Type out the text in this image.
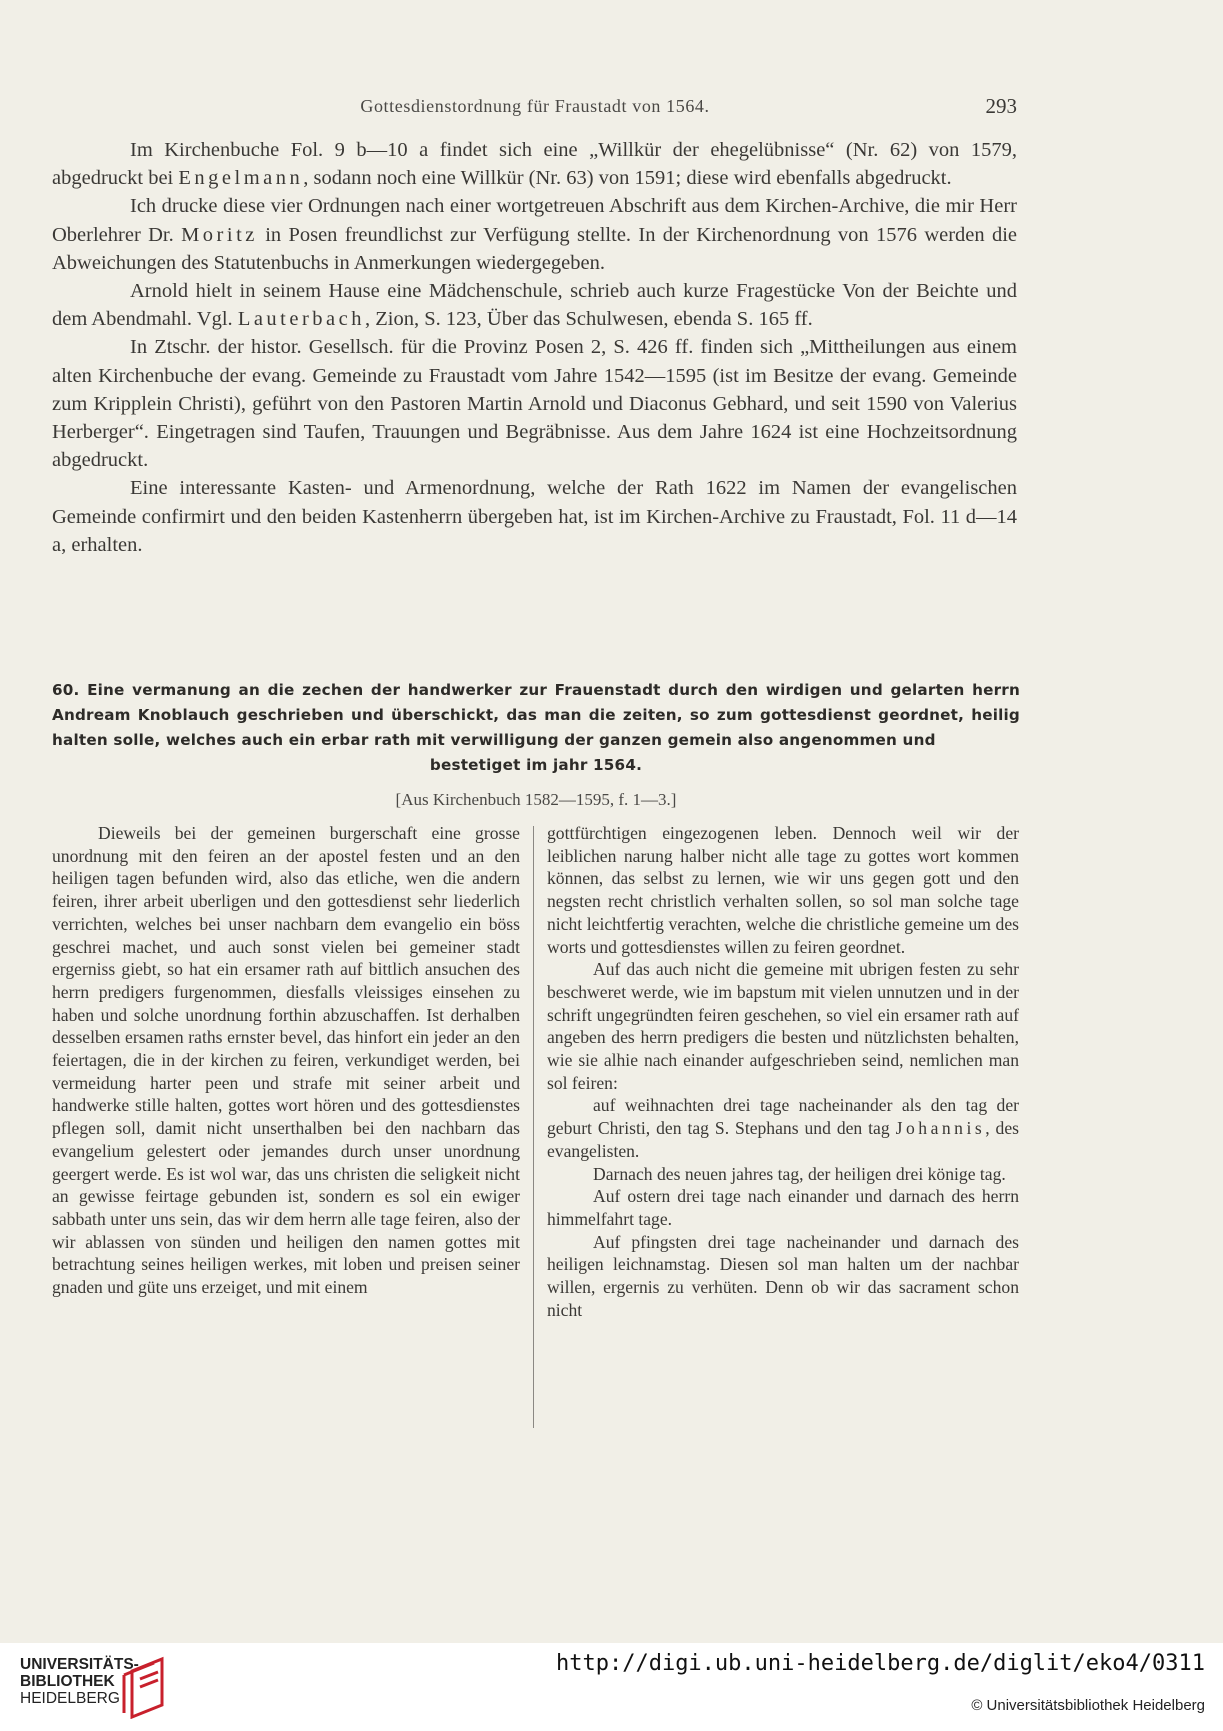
Gottesdienstordnung für Fraustadt von 1564.	293

Im Kirchenbuche Fol. 9 b—10 a findet sich eine „Willkür der ehegelübnisse“ (Nr. 62) von 1579, abgedruckt bei Engelmann, sodann noch eine Willkür (Nr. 63) von 1591; diese wird ebenfalls abgedruckt.

Ich drucke diese vier Ordnungen nach einer wortgetreuen Abschrift aus dem Kirchen-Archive, die mir Herr Oberlehrer Dr. Moritz in Posen freundlichst zur Verfügung stellte. In der Kirchenordnung von 1576 werden die Abweichungen des Statutenbuchs in Anmerkungen wiedergegeben.

Arnold hielt in seinem Hause eine Mädchenschule, schrieb auch kurze Fragestücke Von der Beichte und dem Abendmahl. Vgl. Lauterbach, Zion, S. 123, Über das Schulwesen, ebenda S. 165 ff.

In Ztschr. der histor. Gesellsch. für die Provinz Posen 2, S. 426 ff. finden sich „Mittheilungen aus einem alten Kirchenbuche der evang. Gemeinde zu Fraustadt vom Jahre 1542—1595 (ist im Besitze der evang. Gemeinde zum Kripplein Christi), geführt von den Pastoren Martin Arnold und Diaconus Gebhard, und seit 1590 von Valerius Herberger“. Eingetragen sind Taufen, Trauungen und Begräbnisse. Aus dem Jahre 1624 ist eine Hochzeitsordnung abgedruckt.

Eine interessante Kasten- und Armenordnung, welche der Rath 1622 im Namen der evangelischen Gemeinde confirmirt und den beiden Kastenherrn übergeben hat, ist im Kirchen-Archive zu Fraustadt, Fol. 11 d—14 a, erhalten.

60. Eine vermanung an die zechen der handwerker zur Frauenstadt durch den wirdigen und gelarten herrn Andream Knoblauch geschrieben und überschickt, das man die zeiten, so zum gottesdienst geordnet, heilig halten solle, welches auch ein erbar rath mit verwilligung der ganzen gemein also angenommen und
bestetiget im jahr 1564.
[Aus Kirchenbuch 1582—1595, f. 1—3.]

Dieweils bei der gemeinen burgerschaft eine grosse unordnung mit den feiren an der apostel festen und an den heiligen tagen befunden wird, also das etliche, wen die andern feiren, ihrer arbeit uberligen und den gottesdienst sehr liederlich verrichten, welches bei unser nachbarn dem evangelio ein böss geschrei machet, und auch sonst vielen bei gemeiner stadt ergerniss giebt, so hat ein ersamer rath auf bittlich ansuchen des herrn predigers furgenommen, diesfalls vleissiges einsehen zu haben und solche unordnung forthin abzuschaffen. Ist derhalben desselben ersamen raths ernster bevel, das hinfort ein jeder an den feiertagen, die in der kirchen zu feiren, verkundiget werden, bei vermeidung harter peen und strafe mit seiner arbeit und handwerke stille halten, gottes wort hören und des gottesdienstes pflegen soll, damit nicht unserthalben bei den nachbarn das evangelium gelestert oder jemandes durch unser unordnung geergert werde. Es ist wol war, das uns christen die seligkeit nicht an gewisse feirtage gebunden ist, sondern es sol ein ewiger sabbath unter uns sein, das wir dem herrn alle tage feiren, also der wir ablassen von sünden und heiligen den namen gottes mit betrachtung seines heiligen werkes, mit loben und preisen seiner gnaden und güte uns erzeiget, und mit einem

gottfürchtigen eingezogenen leben. Dennoch weil wir der leiblichen narung halber nicht alle tage zu gottes wort kommen können, das selbst zu lernen, wie wir uns gegen gott und den negsten recht christlich verhalten sollen, so sol man solche tage nicht leichtfertig verachten, welche die christliche gemeine um des worts und gottesdienstes willen zu feiren geordnet.

Auf das auch nicht die gemeine mit ubrigen festen zu sehr beschweret werde, wie im bapstum mit vielen unnutzen und in der schrift ungegründten feiren geschehen, so viel ein ersamer rath auf angeben des herrn predigers die besten und nützlichsten behalten, wie sie alhie nach einander aufgeschrieben seind, nemlichen man sol feiren:

auf weihnachten drei tage nacheinander als den tag der geburt Christi, den tag S. Stephans und den tag Johannis, des evangelisten.

Darnach des neuen jahres tag, der heiligen drei könige tag.

Auf ostern drei tage nach einander und darnach des herrn himmelfahrt tage.

Auf pfingsten drei tage nacheinander und darnach des heiligen leichnamstag. Diesen sol man halten um der nachbar willen, ergernis zu verhüten. Denn ob wir das sacrament schon nicht

UNIVERSITÄTS-
BIBLIOTHEK
HEIDELBERG
http://digi.ub.uni-heidelberg.de/diglit/eko4/0311
© Universitätsbibliothek Heidelberg
